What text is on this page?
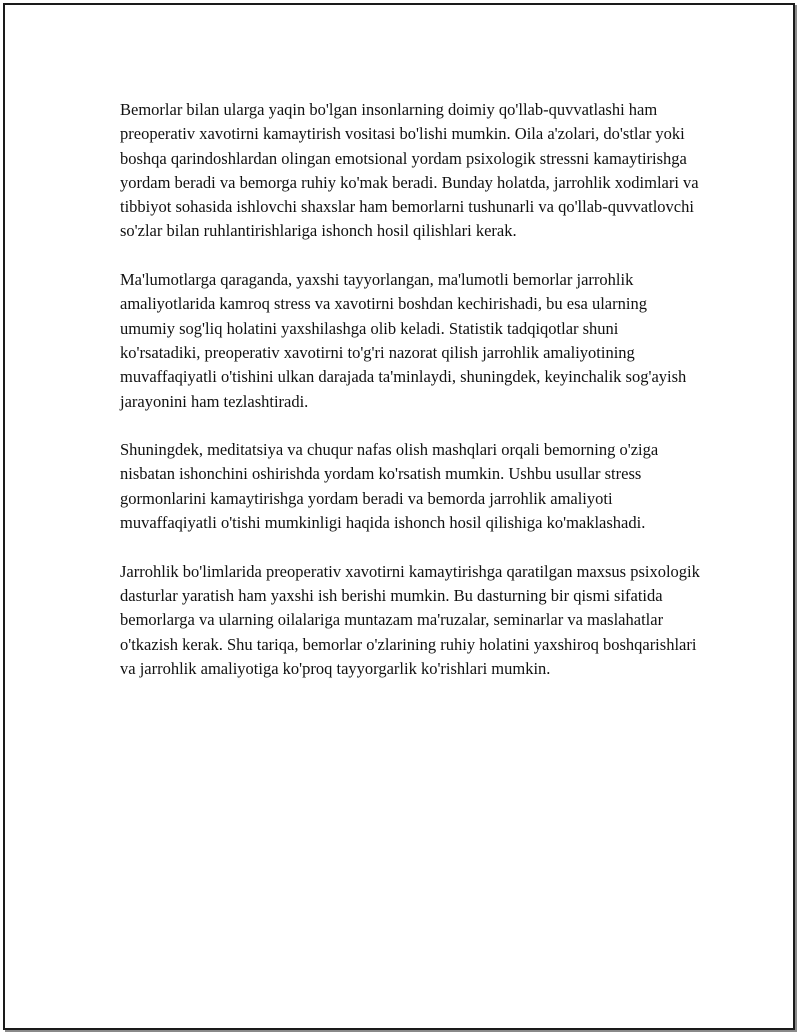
Bemorlar bilan ularga yaqin bo'lgan insonlarning doimiy qo'llab-quvvatlashi ham preoperativ xavotirni kamaytirish vositasi bo'lishi mumkin. Oila a'zolari, do'stlar yoki boshqa qarindoshlardan olingan emotsional yordam psixologik stressni kamaytirishga yordam beradi va bemorga ruhiy ko'mak beradi. Bunday holatda, jarrohlik xodimlari va tibbiyot sohasida ishlovchi shaxslar ham bemorlarni tushunarli va qo'llab-quvvatlovchi so'zlar bilan ruhlantirishlariga ishonch hosil qilishlari kerak.

Ma'lumotlarga qaraganda, yaxshi tayyorlangan, ma'lumotli bemorlar jarrohlik amaliyotlarida kamroq stress va xavotirni boshdan kechirishadi, bu esa ularning umumiy sog'liq holatini yaxshilashga olib keladi. Statistik tadqiqotlar shuni ko'rsatadiki, preoperativ xavotirni to'g'ri nazorat qilish jarrohlik amaliyotining muvaffaqiyatli o'tishini ulkan darajada ta'minlaydi, shuningdek, keyinchalik sog'ayish jarayonini ham tezlashtiradi.

Shuningdek, meditatsiya va chuqur nafas olish mashqlari orqali bemorning o'ziga nisbatan ishonchini oshirishda yordam ko'rsatish mumkin. Ushbu usullar stress gormonlarini kamaytirishga yordam beradi va bemorda jarrohlik amaliyoti muvaffaqiyatli o'tishi mumkinligi haqida ishonch hosil qilishiga ko'maklashadi.

Jarrohlik bo'limlarida preoperativ xavotirni kamaytirishga qaratilgan maxsus psixologik dasturlar yaratish ham yaxshi ish berishi mumkin. Bu dasturning bir qismi sifatida bemorlarga va ularning oilalariga muntazam ma'ruzalar, seminarlar va maslahatlar o'tkazish kerak. Shu tariqa, bemorlar o'zlarining ruhiy holatini yaxshiroq boshqarishlari va jarrohlik amaliyotiga ko'proq tayyorgarlik ko'rishlari mumkin.
